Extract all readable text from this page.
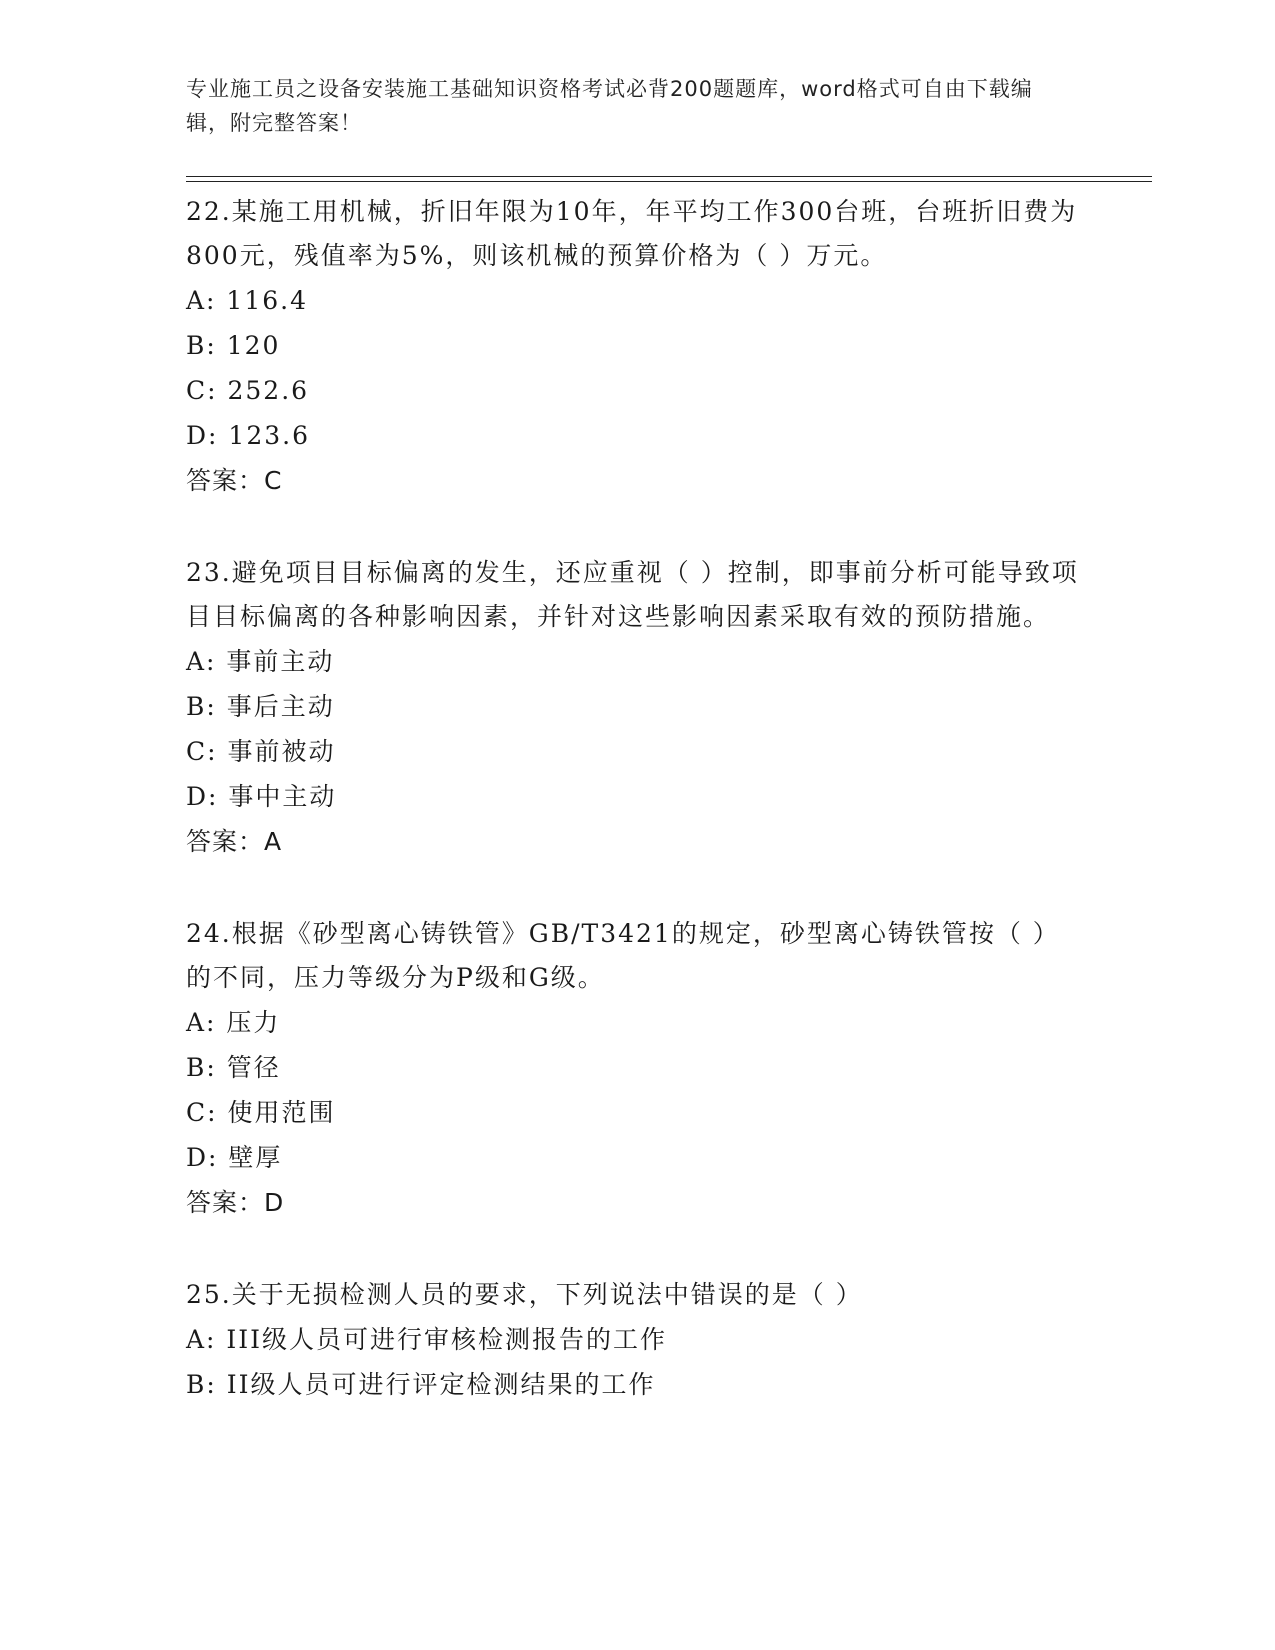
专业施工员之设备安装施工基础知识资格考试必背200题题库，word格式可自由下载编辑，附完整答案！
22.某施工用机械，折旧年限为10年，年平均工作300台班，台班折旧费为800元，残值率为5%，则该机械的预算价格为（ ）万元。
A: 116.4
B: 120
C: 252.6
D: 123.6
答案：C
23.避免项目目标偏离的发生，还应重视（ ）控制，即事前分析可能导致项目目标偏离的各种影响因素，并针对这些影响因素采取有效的预防措施。
A: 事前主动
B: 事后主动
C: 事前被动
D: 事中主动
答案：A
24.根据《砂型离心铸铁管》GB/T3421的规定，砂型离心铸铁管按（ ）的不同，压力等级分为P级和G级。
A: 压力
B: 管径
C: 使用范围
D: 壁厚
答案：D
25.关于无损检测人员的要求，下列说法中错误的是（ ）
A: III级人员可进行审核检测报告的工作
B: II级人员可进行评定检测结果的工作
